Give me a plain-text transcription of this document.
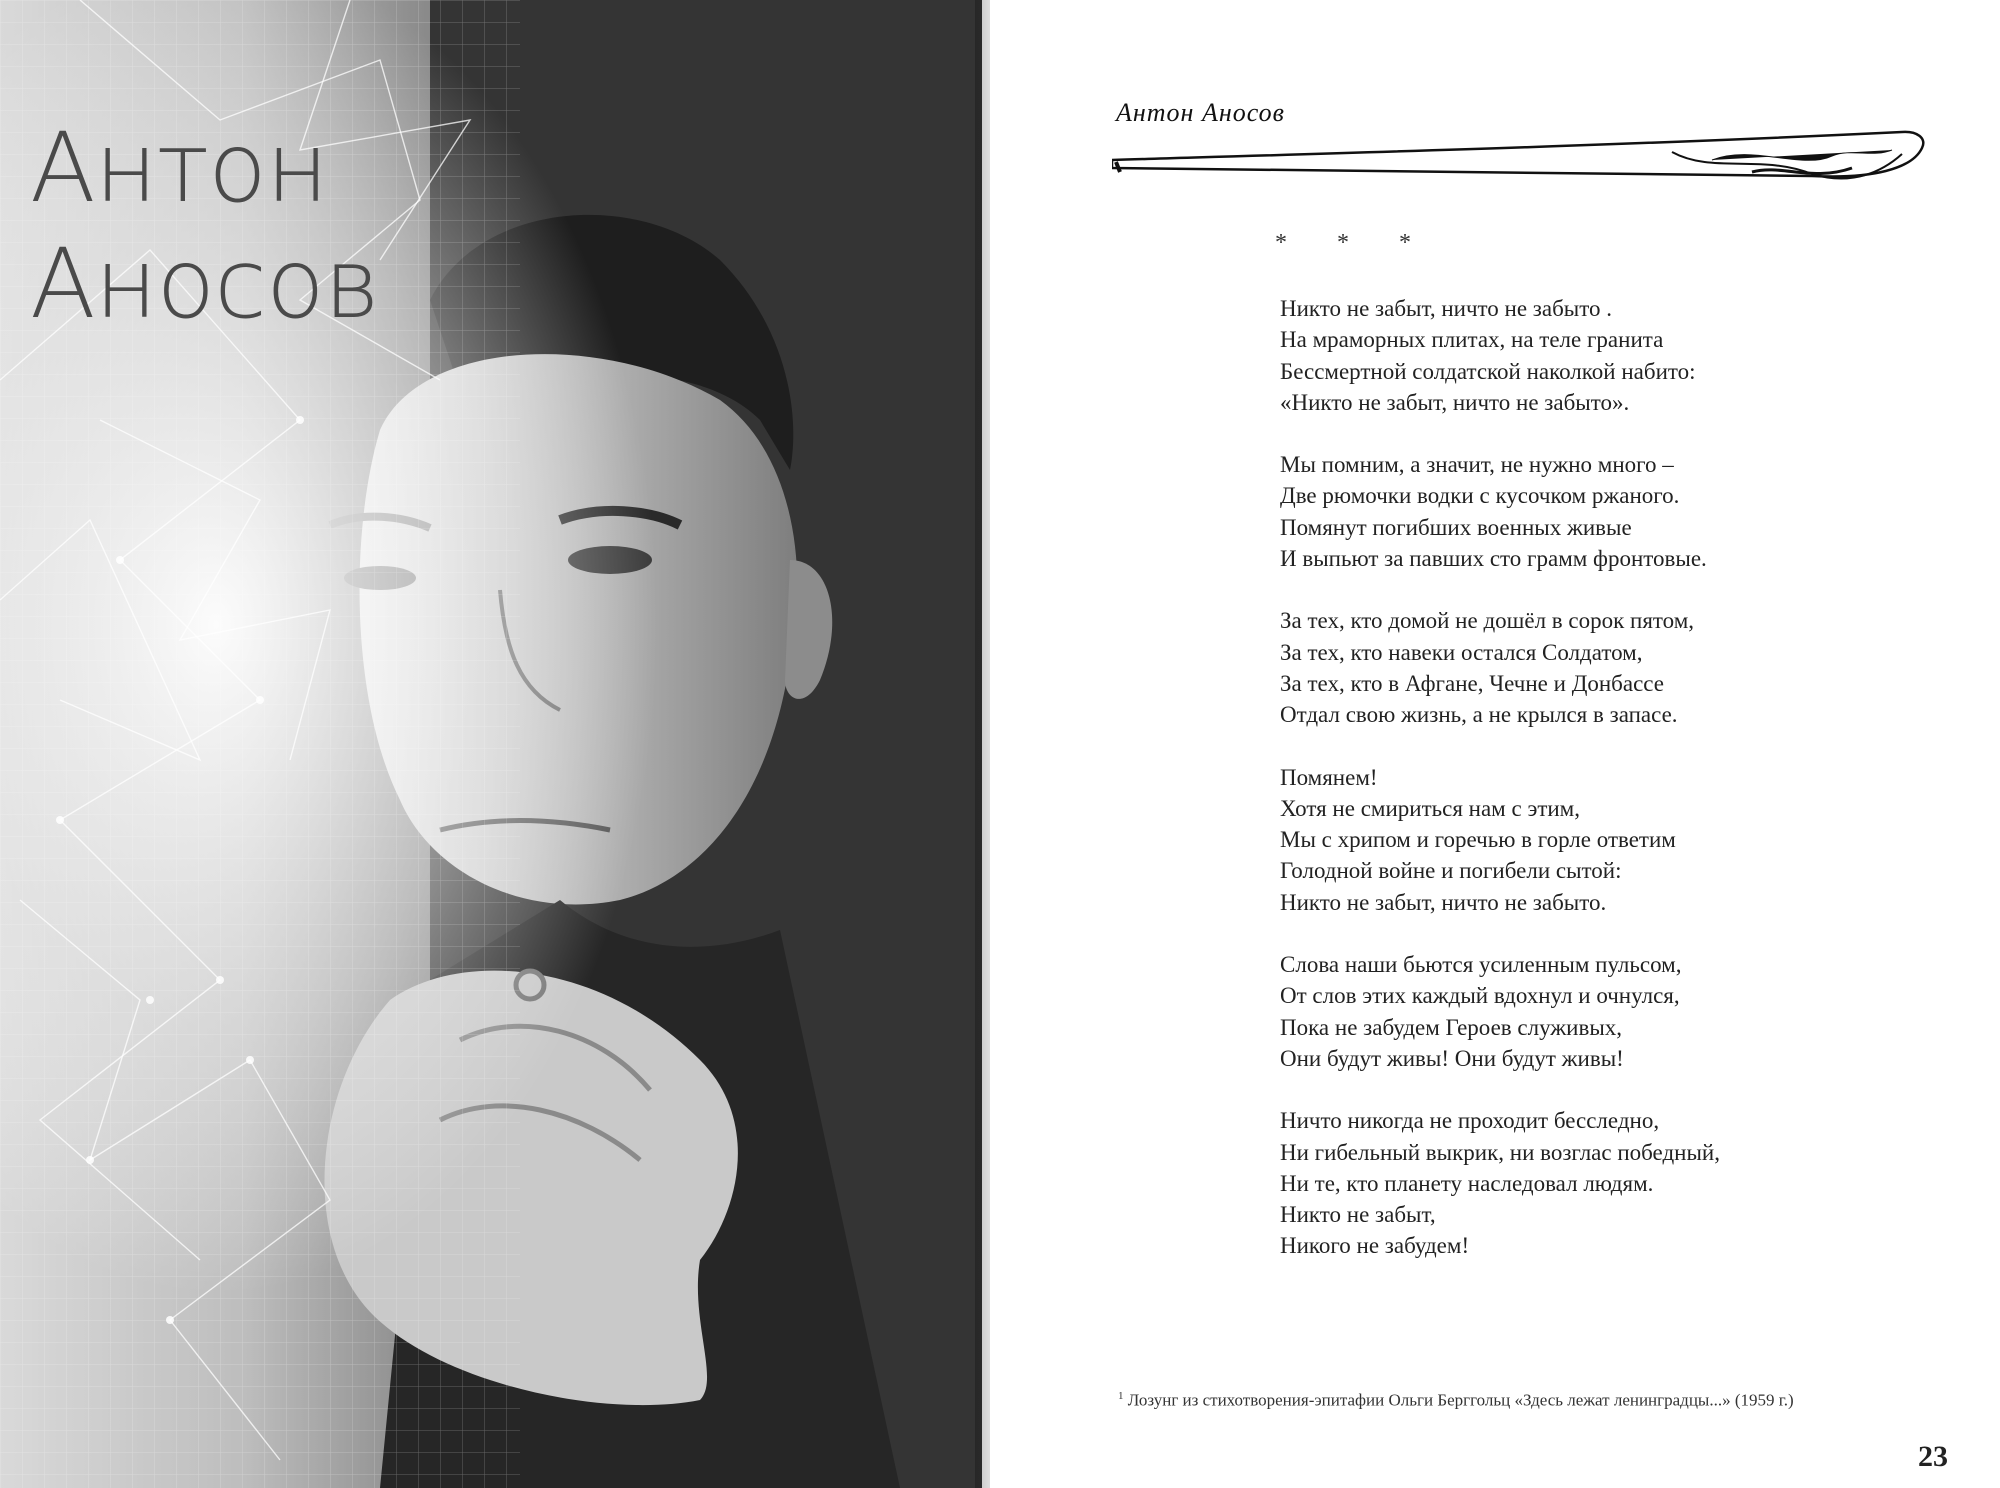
Антон
Аносов
Антон Аносов
* * *
Никто не забыт, ничто не забыто .
На мраморных плитах, на теле гранита
Бессмертной солдатской наколкой набито:
«Никто не забыт, ничто не забыто».
Мы помним, а значит, не нужно много –
Две рюмочки водки с кусочком ржаного.
Помянут погибших военных живые
И выпьют за павших сто грамм фронтовые.
За тех, кто домой не дошёл в сорок пятом,
За тех, кто навеки остался Солдатом,
За тех, кто в Афгане, Чечне и Донбассе
Отдал свою жизнь, а не крылся в запасе.
Помянем!
Хотя не смириться нам с этим,
Мы с хрипом и горечью в горле ответим
Голодной войне и погибели сытой:
Никто не забыт, ничто не забыто.
Слова наши бьются усиленным пульсом,
От слов этих каждый вдохнул и очнулся,
Пока не забудем Героев служивых,
Они будут живы! Они будут живы!
Ничто никогда не проходит бесследно,
Ни гибельный выкрик, ни возглас победный,
Ни те, кто планету наследовал людям.
Никто не забыт,
Никого не забудем!
$^1$ Лозунг из стихотворения-эпитафии Ольги Берггольц «Здесь лежат ленинградцы...» (1959 г.)
23
